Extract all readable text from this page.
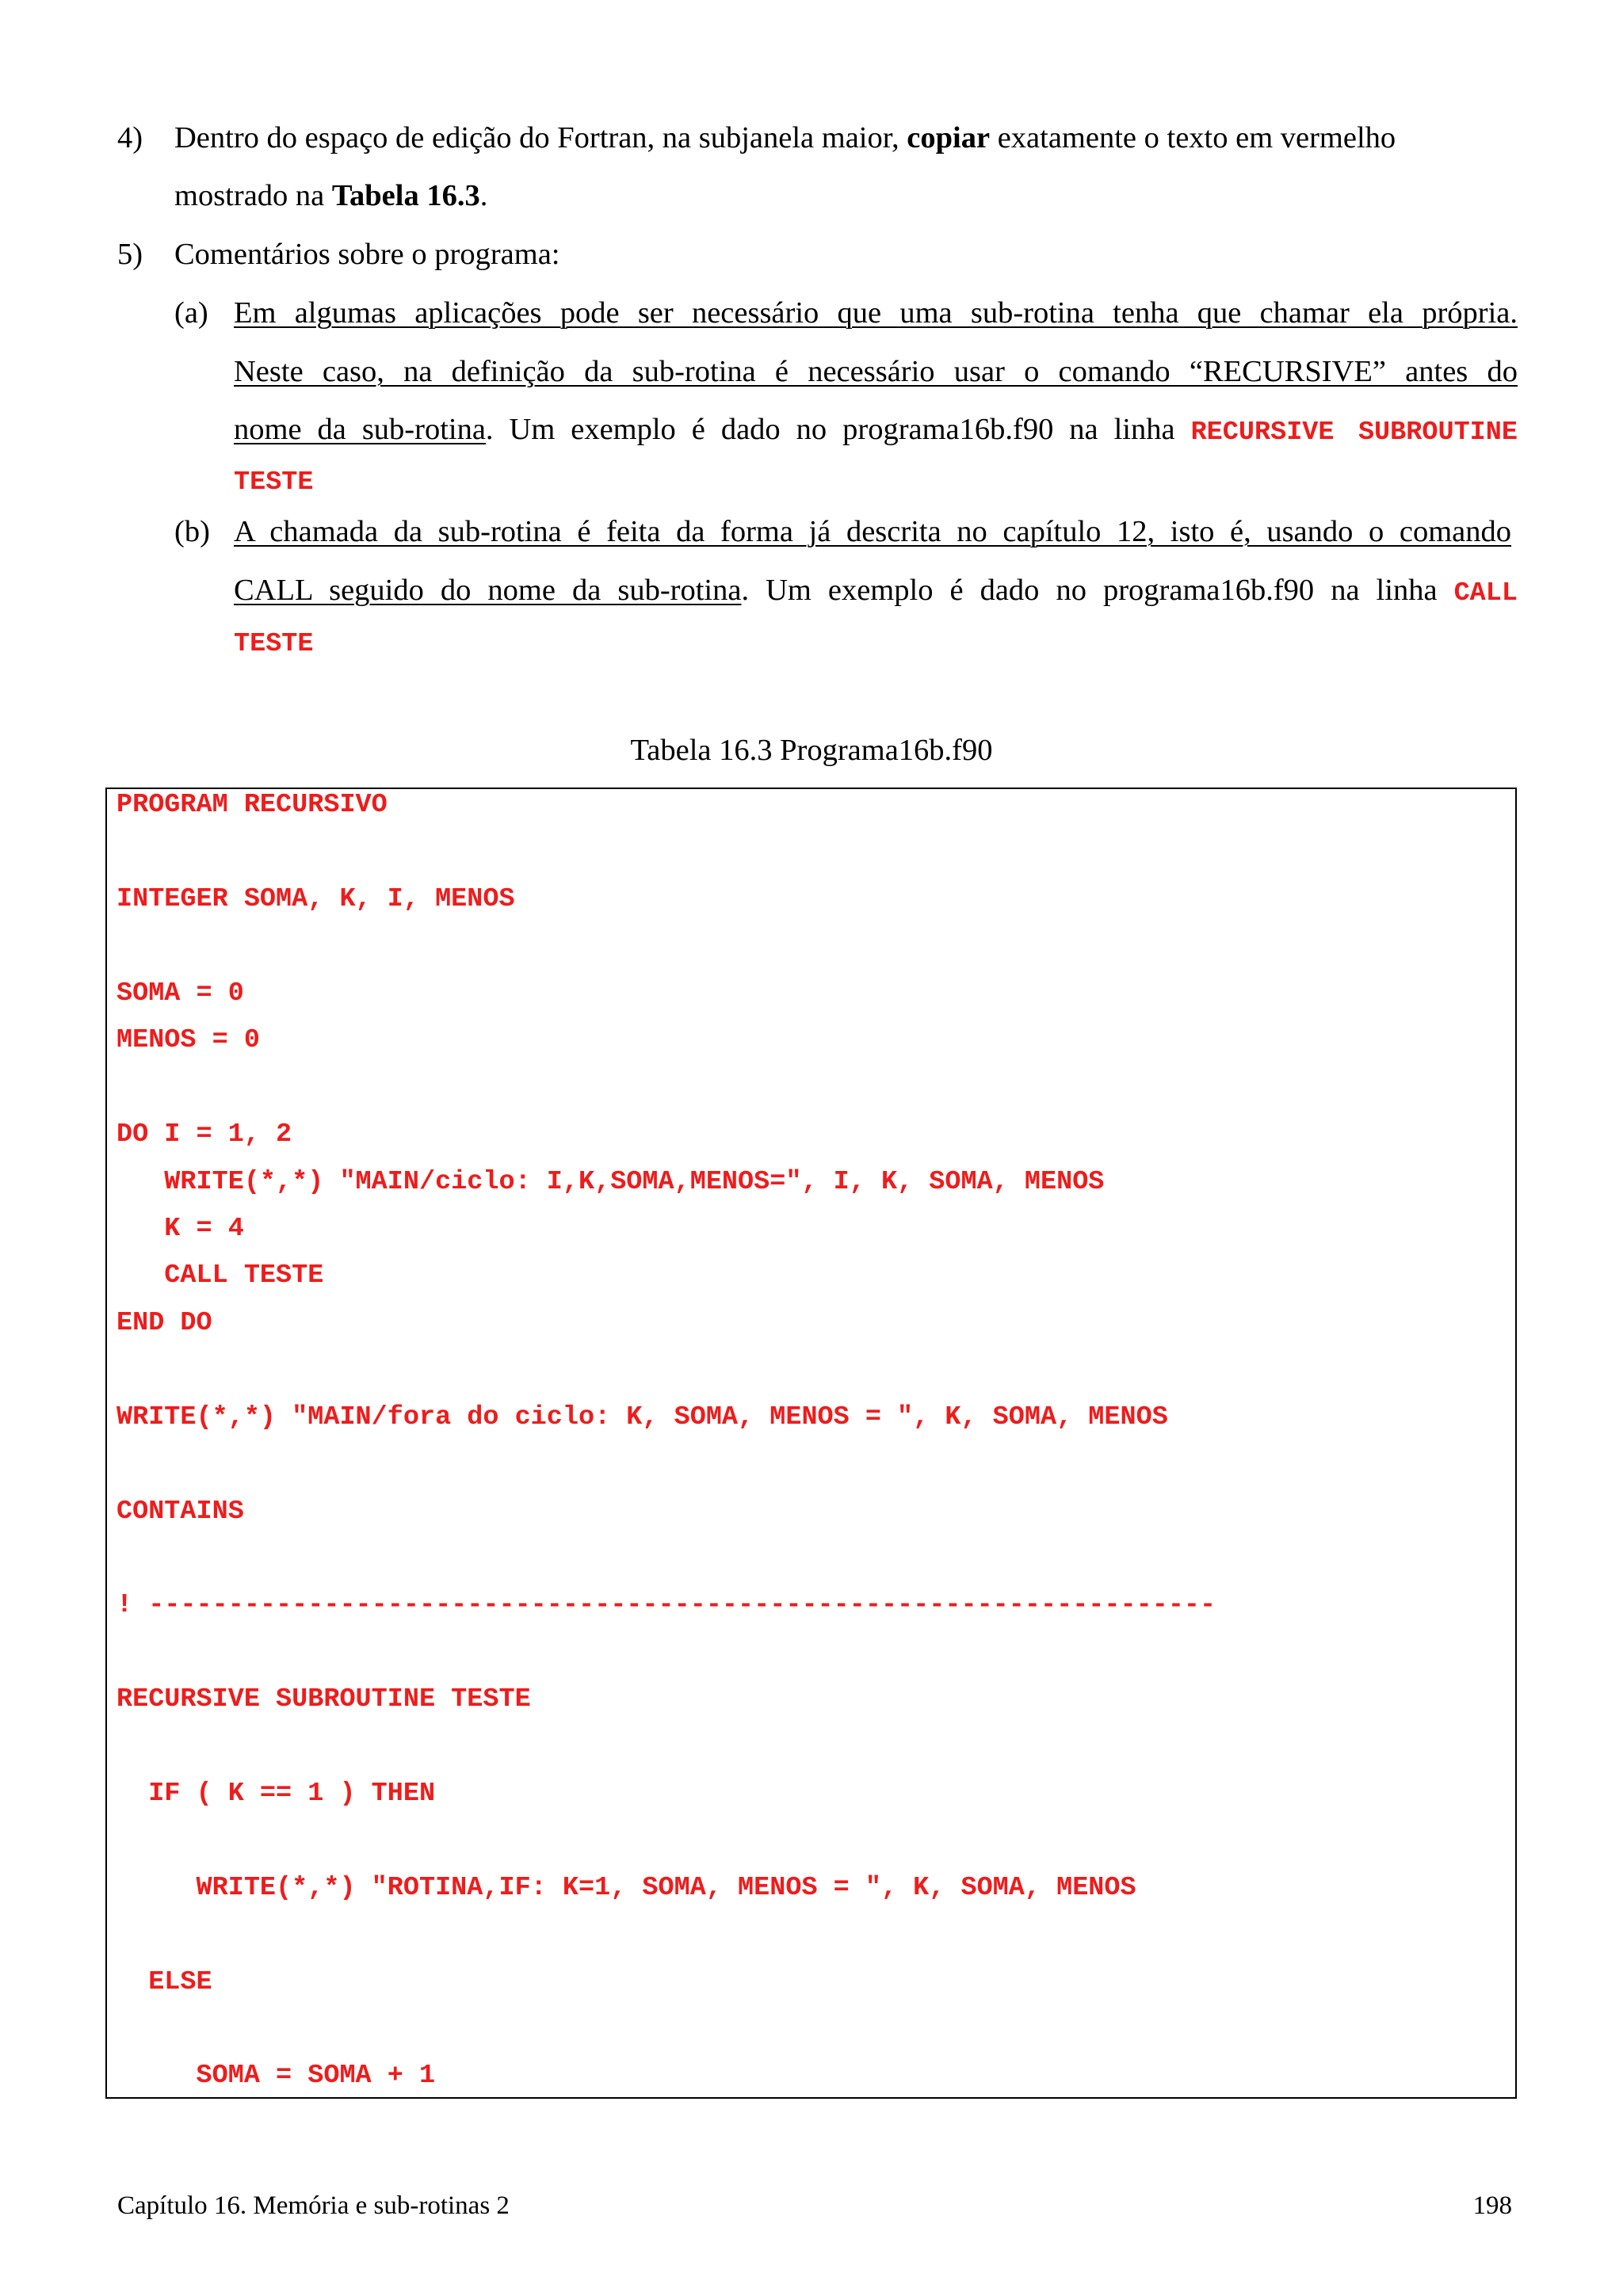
4) Dentro do espaço de edição do Fortran, na subjanela maior, copiar exatamente o texto em vermelho
mostrado na Tabela 16.3.
5) Comentários sobre o programa:
(a) Em algumas aplicações pode ser necessário que uma sub-rotina tenha que chamar ela própria.
Neste caso, na definição da sub-rotina é necessário usar o comando “RECURSIVE” antes do
nome da sub-rotina. Um exemplo é dado no programa16b.f90 na linha RECURSIVE SUBROUTINE
TESTE
(b) A chamada da sub-rotina é feita da forma já descrita no capítulo 12, isto é, usando o comando
CALL seguido do nome da sub-rotina. Um exemplo é dado no programa16b.f90 na linha CALL
TESTE
Tabela 16.3 Programa16b.f90
PROGRAM RECURSIVO
INTEGER SOMA, K, I, MENOS
SOMA = 0
MENOS = 0
DO I = 1, 2
WRITE(*,*) "MAIN/ciclo: I,K,SOMA,MENOS=", I, K, SOMA, MENOS
K = 4
CALL TESTE
END DO
WRITE(*,*) "MAIN/fora do ciclo: K, SOMA, MENOS = ", K, SOMA, MENOS
CONTAINS
! -------------------------------------------------------------------
RECURSIVE SUBROUTINE TESTE
IF ( K == 1 ) THEN
WRITE(*,*) "ROTINA,IF: K=1, SOMA, MENOS = ", K, SOMA, MENOS
ELSE
SOMA = SOMA + 1
Capítulo 16. Memória e sub-rotinas 2	198
